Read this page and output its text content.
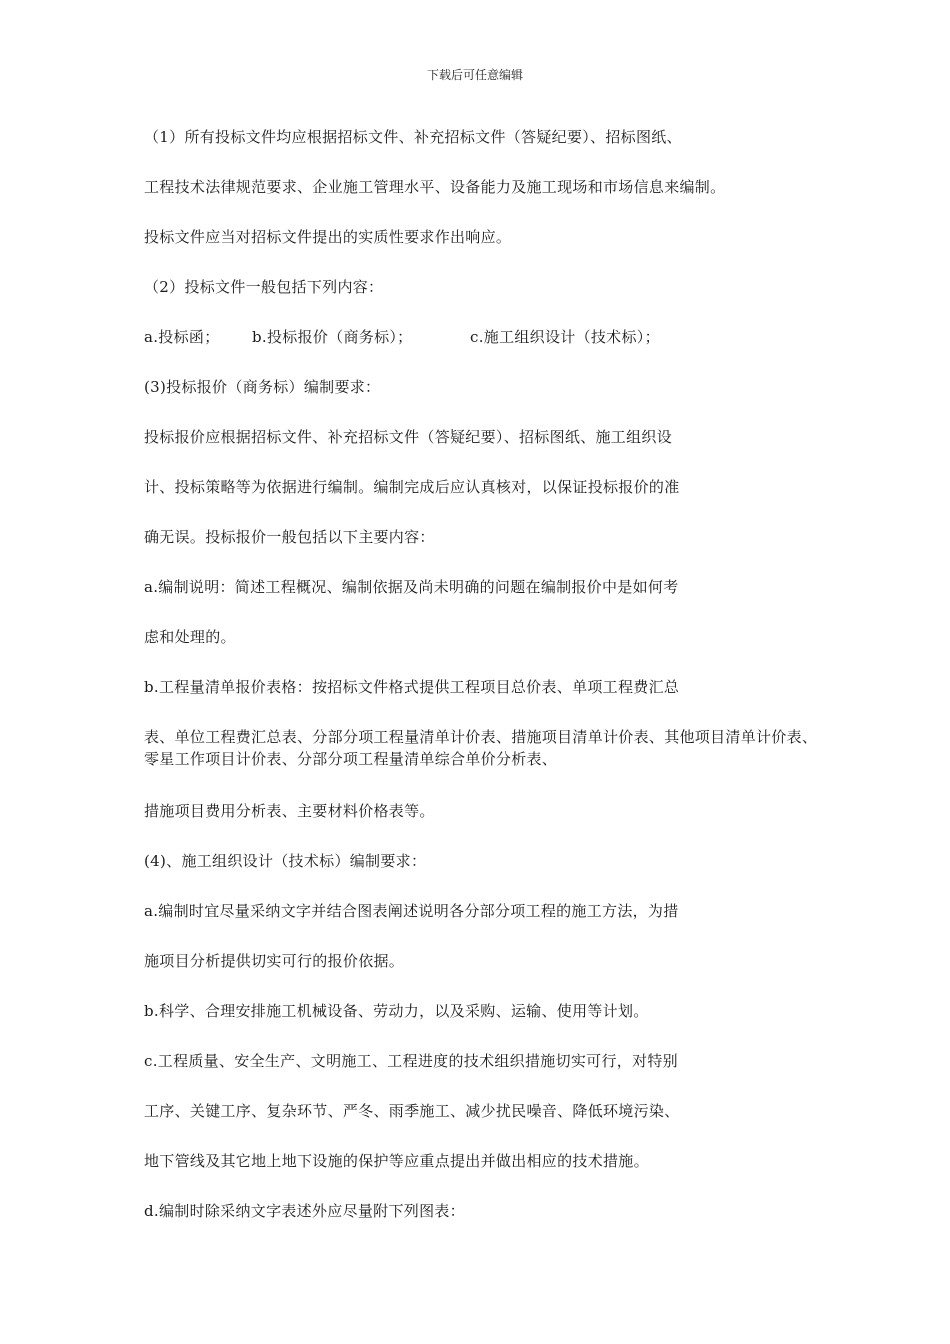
下载后可任意编辑
（1）所有投标文件均应根据招标文件、补充招标文件（答疑纪要）、招标图纸、
工程技术法律规范要求、企业施工管理水平、设备能力及施工现场和市场信息来编制。
投标文件应当对招标文件提出的实质性要求作出响应。
（2）投标文件一般包括下列内容：
a.投标函； b.投标报价（商务标）；	c.施工组织设计（技术标）；
(3)投标报价（商务标）编制要求：
投标报价应根据招标文件、补充招标文件（答疑纪要）、招标图纸、施工组织设
计、投标策略等为依据进行编制。编制完成后应认真核对，以保证投标报价的准
确无误。投标报价一般包括以下主要内容：
a.编制说明：简述工程概况、编制依据及尚未明确的问题在编制报价中是如何考
虑和处理的。
b.工程量清单报价表格：按招标文件格式提供工程项目总价表、单项工程费汇总
表、单位工程费汇总表、分部分项工程量清单计价表、措施项目清单计价表、其他项目清单计价表、零星工作项目计价表、分部分项工程量清单综合单价分析表、
措施项目费用分析表、主要材料价格表等。
(4)、施工组织设计（技术标）编制要求：
a.编制时宜尽量采纳文字并结合图表阐述说明各分部分项工程的施工方法，为措
施项目分析提供切实可行的报价依据。
b.科学、合理安排施工机械设备、劳动力，以及采购、运输、使用等计划。
c.工程质量、安全生产、文明施工、工程进度的技术组织措施切实可行，对特别
工序、关键工序、复杂环节、严冬、雨季施工、减少扰民噪音、降低环境污染、
地下管线及其它地上地下设施的保护等应重点提出并做出相应的技术措施。
d.编制时除采纳文字表述外应尽量附下列图表：
